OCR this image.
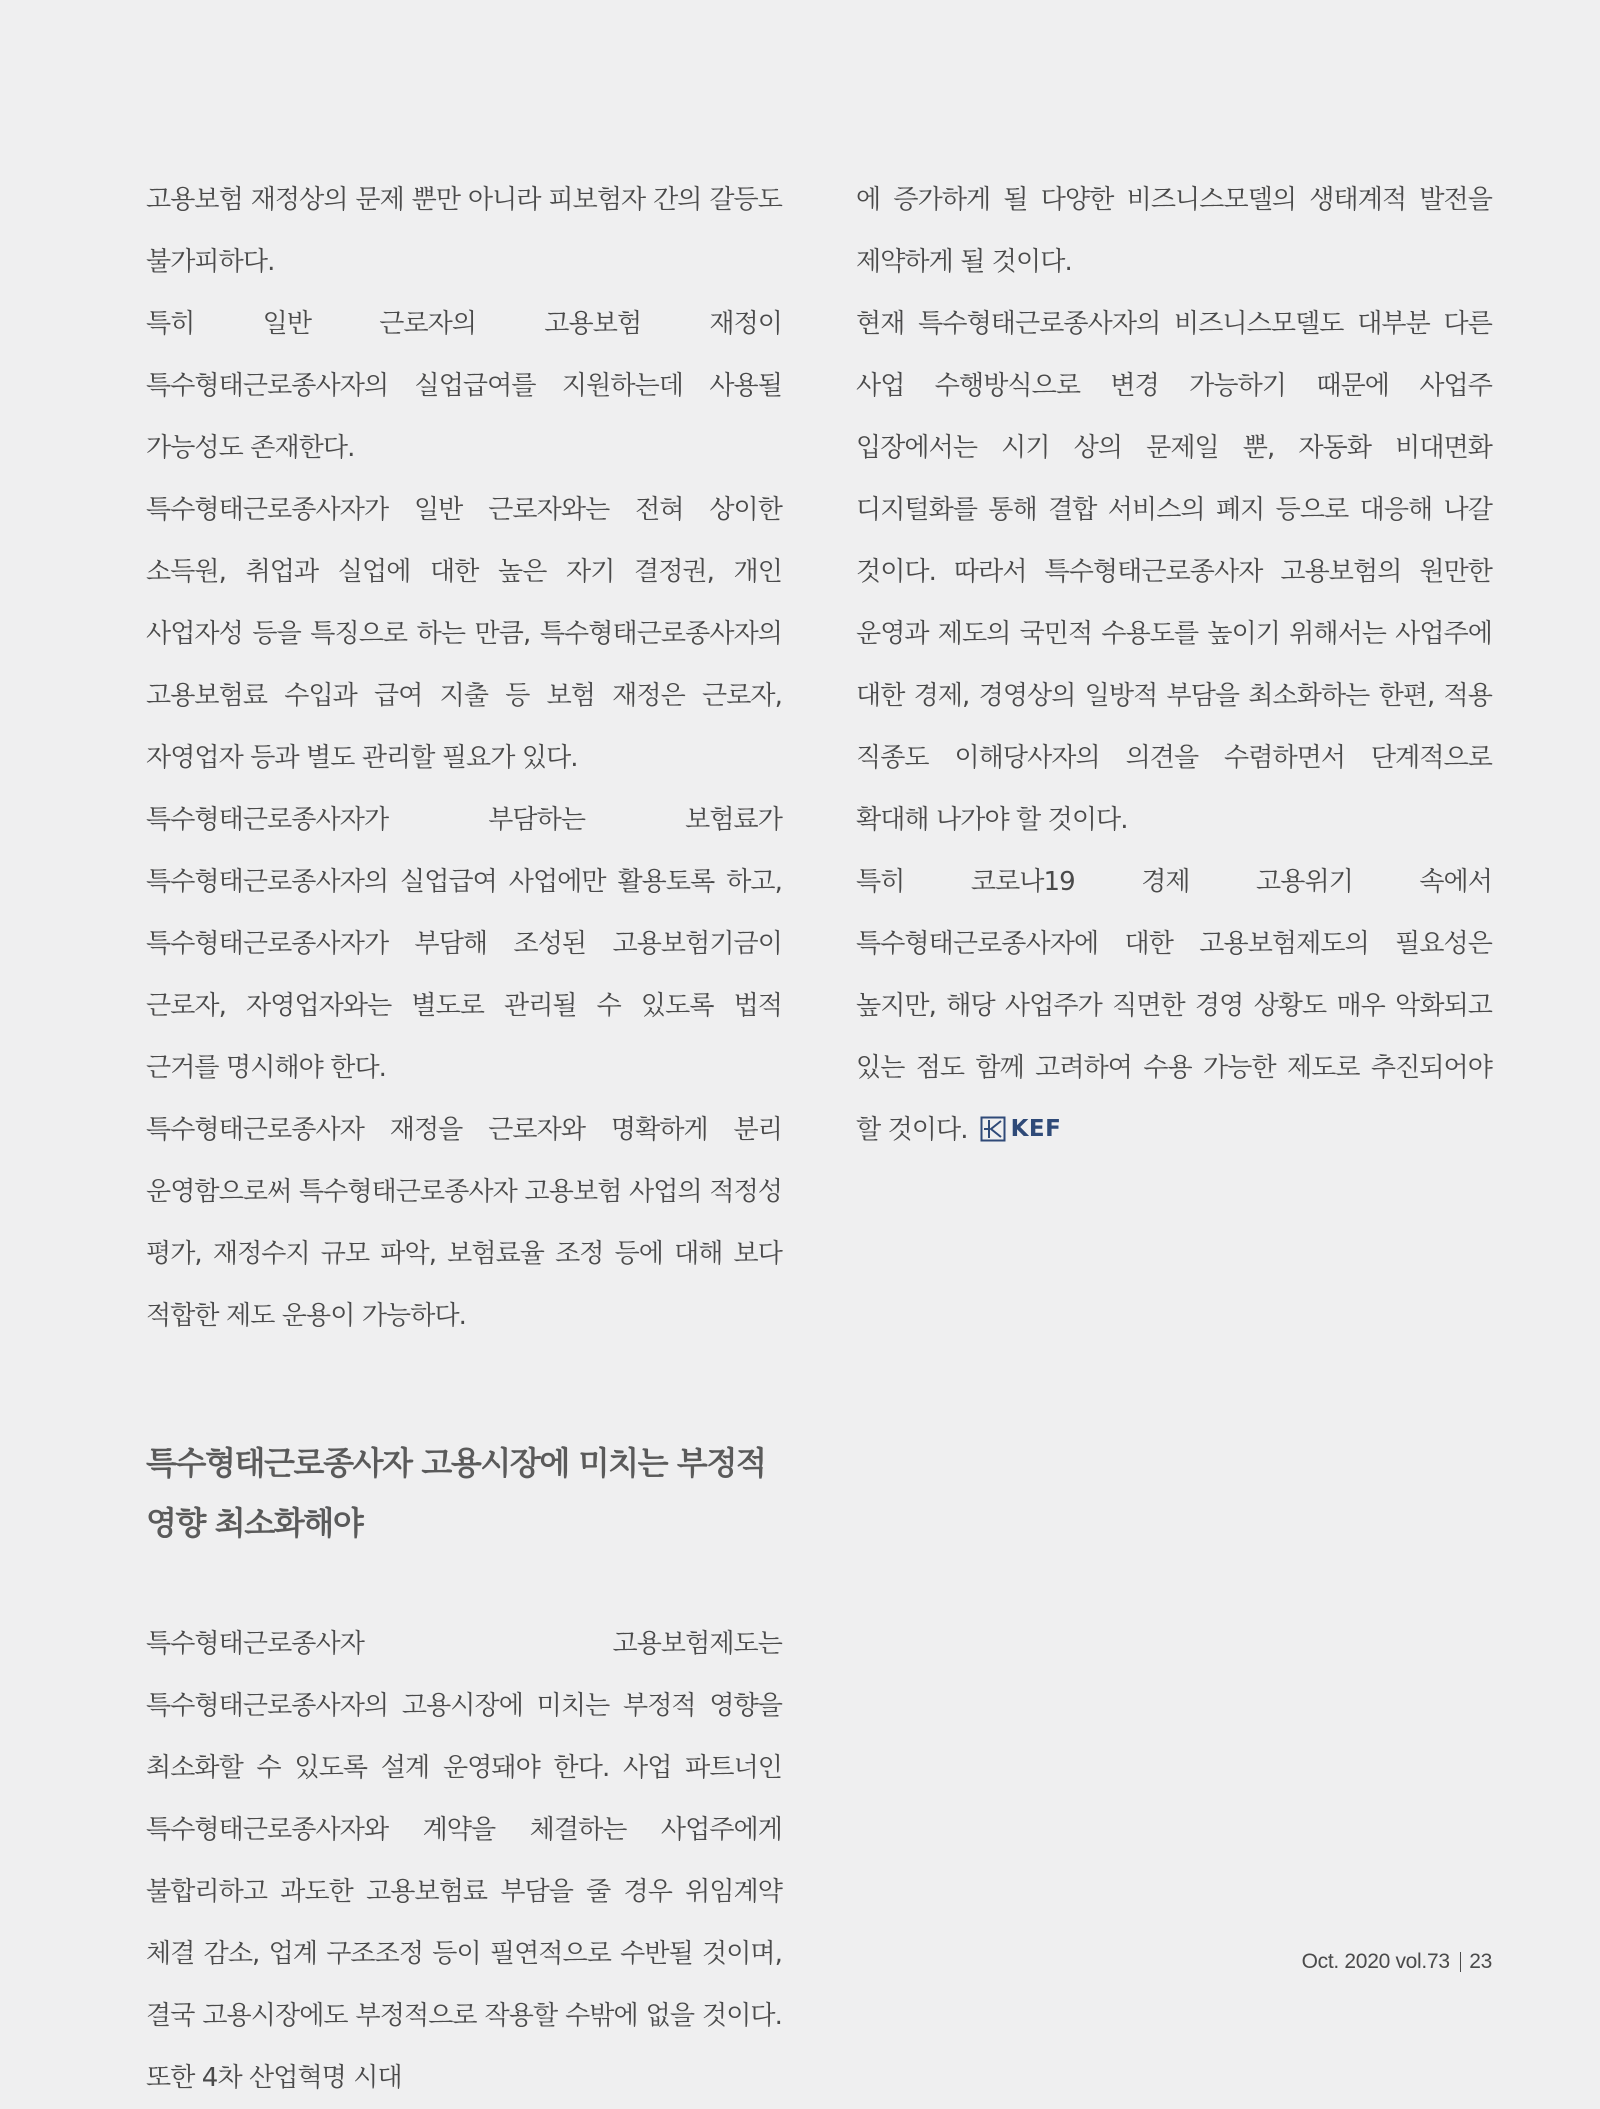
고용보험 재정상의 문제 뿐만 아니라 피보험자 간의 갈등도 불가피하다.

특히 일반 근로자의 고용보험 재정이 특수형태근로종사자의 실업급여를 지원하는데 사용될 가능성도 존재한다.

특수형태근로종사자가 일반 근로자와는 전혀 상이한 소득원, 취업과 실업에 대한 높은 자기 결정권, 개인 사업자성 등을 특징으로 하는 만큼, 특수형태근로종사자의 고용보험료 수입과 급여 지출 등 보험 재정은 근로자, 자영업자 등과 별도 관리할 필요가 있다.

특수형태근로종사자가 부담하는 보험료가 특수형태근로종사자의 실업급여 사업에만 활용토록 하고, 특수형태근로종사자가 부담해 조성된 고용보험기금이 근로자, 자영업자와는 별도로 관리될 수 있도록 법적 근거를 명시해야 한다.

특수형태근로종사자 재정을 근로자와 명확하게 분리 운영함으로써 특수형태근로종사자 고용보험 사업의 적정성 평가, 재정수지 규모 파악, 보험료율 조정 등에 대해 보다 적합한 제도 운용이 가능하다.

특수형태근로종사자 고용시장에 미치는 부정적
영향 최소화해야

특수형태근로종사자 고용보험제도는 특수형태근로종사자의 고용시장에 미치는 부정적 영향을 최소화할 수 있도록 설계 운영돼야 한다. 사업 파트너인 특수형태근로종사자와 계약을 체결하는 사업주에게 불합리하고 과도한 고용보험료 부담을 줄 경우 위임계약 체결 감소, 업계 구조조정 등이 필연적으로 수반될 것이며, 결국 고용시장에도 부정적으로 작용할 수밖에 없을 것이다. 또한 4차 산업혁명 시대

에 증가하게 될 다양한 비즈니스모델의 생태계적 발전을 제약하게 될 것이다.

현재 특수형태근로종사자의 비즈니스모델도 대부분 다른 사업 수행방식으로 변경 가능하기 때문에 사업주 입장에서는 시기 상의 문제일 뿐, 자동화 비대면화 디지털화를 통해 결합 서비스의 폐지 등으로 대응해 나갈 것이다. 따라서 특수형태근로종사자 고용보험의 원만한 운영과 제도의 국민적 수용도를 높이기 위해서는 사업주에 대한 경제, 경영상의 일방적 부담을 최소화하는 한편, 적용 직종도 이해당사자의 의견을 수렴하면서 단계적으로 확대해 나가야 할 것이다.

특히 코로나19 경제 고용위기 속에서 특수형태근로종사자에 대한 고용보험제도의 필요성은 높지만, 해당 사업주가 직면한 경영 상황도 매우 악화되고 있는 점도 함께 고려하여 수용 가능한 제도로 추진되어야 할 것이다. KEF

Oct. 2020 vol.73 23
